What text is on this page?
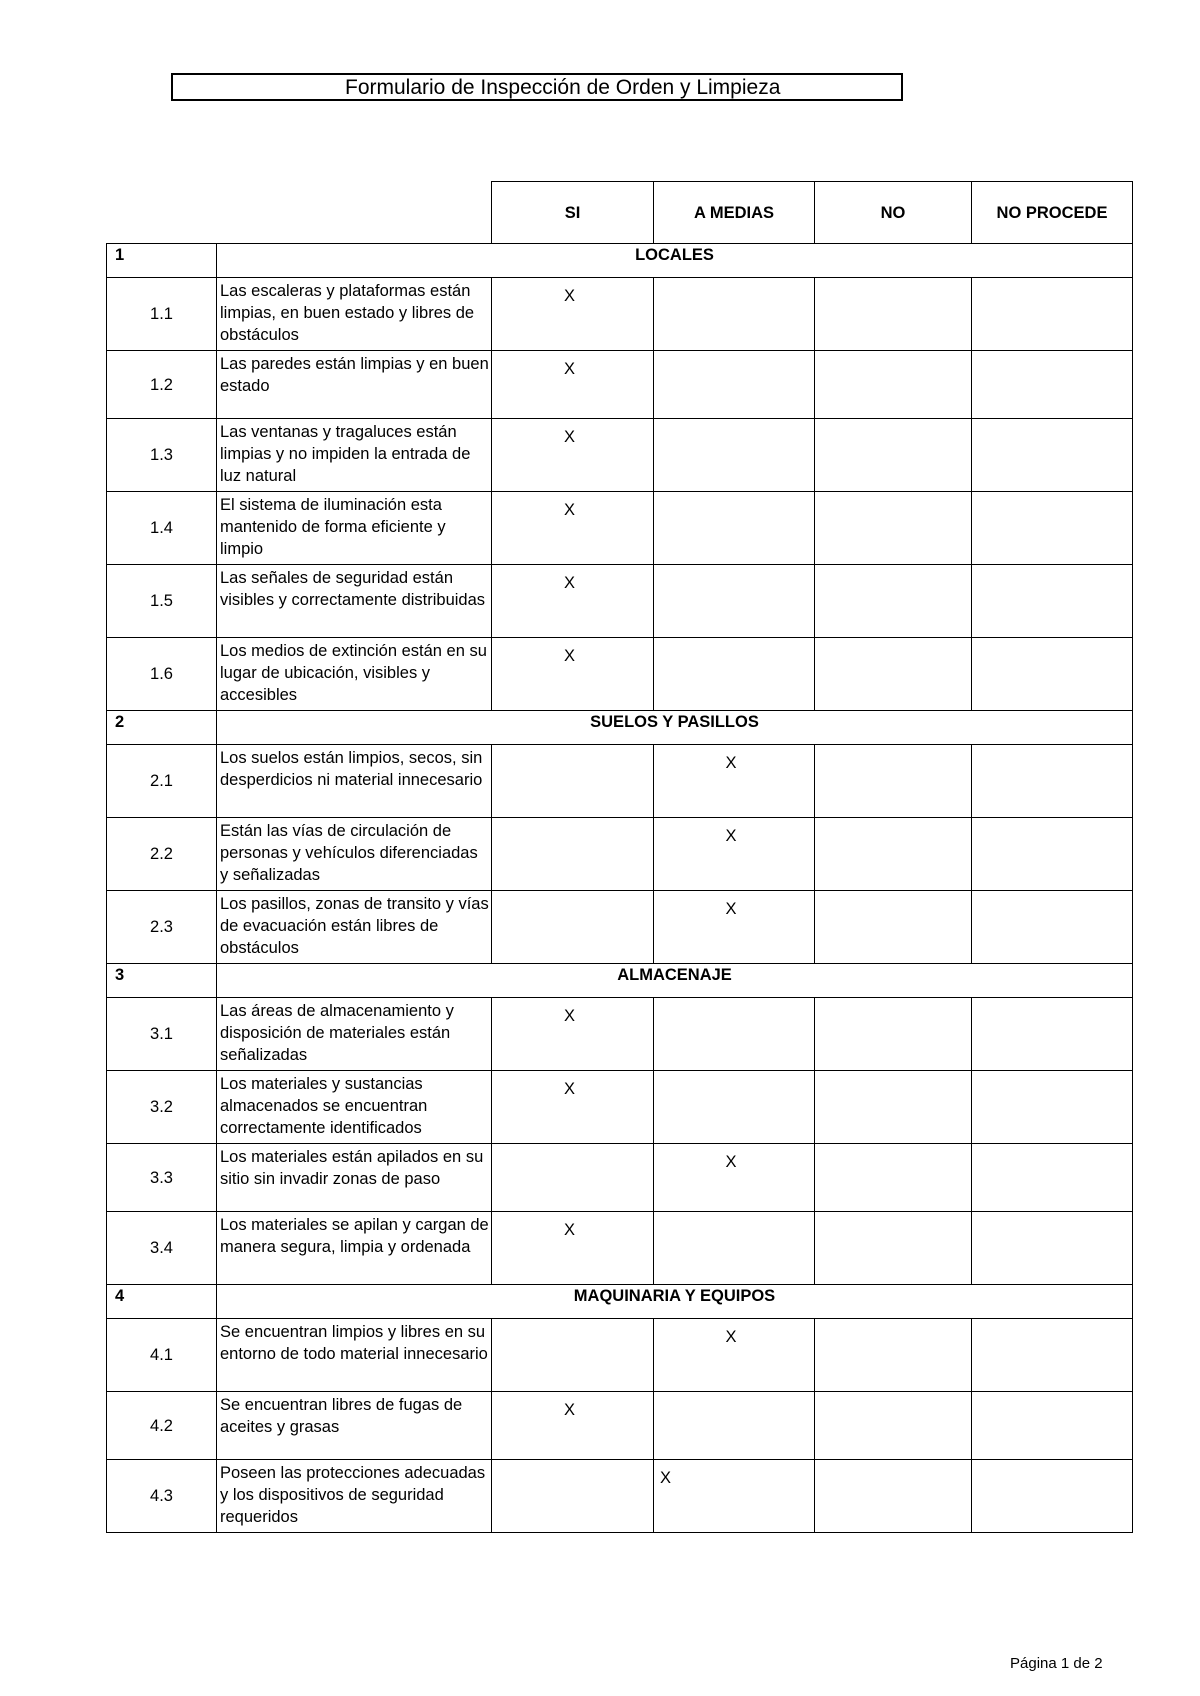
Formulario de Inspección de Orden y Limpieza
		SI	A MEDIAS	NO	NO PROCEDE
1	LOCALES				
1.1	Las escaleras y plataformas están limpias, en buen estado y libres de obstáculos	X			
1.2	Las paredes están limpias y en buen estado	X			
1.3	Las ventanas y tragaluces están limpias y no impiden la entrada de luz natural	X			
1.4	El sistema de iluminación esta mantenido de forma eficiente y limpio	X			
1.5	Las señales de seguridad están visibles y correctamente distribuidas	X			
1.6	Los medios de extinción están en su lugar de ubicación, visibles y accesibles	X			
2	SUELOS Y PASILLOS				
2.1	Los suelos están limpios, secos, sin desperdicios ni material innecesario		X		
2.2	Están las vías de circulación de personas y vehículos diferenciadas y señalizadas		X		
2.3	Los pasillos, zonas de transito y vías de evacuación están libres de obstáculos		X		
3	ALMACENAJE				
3.1	Las áreas de almacenamiento y disposición de materiales están señalizadas	X			
3.2	Los materiales y sustancias almacenados se encuentran correctamente identificados	X			
3.3	Los materiales están apilados en su sitio sin invadir zonas de paso		X		
3.4	Los materiales se apilan y cargan de manera segura, limpia y ordenada	X			
4	MAQUINARIA Y EQUIPOS				
4.1	Se encuentran limpios y libres en su entorno de todo material innecesario		X		
4.2	Se encuentran libres de fugas de aceites y grasas	X			
4.3	Poseen las protecciones adecuadas y los dispositivos de seguridad requeridos		X		
Página 1 de 2
